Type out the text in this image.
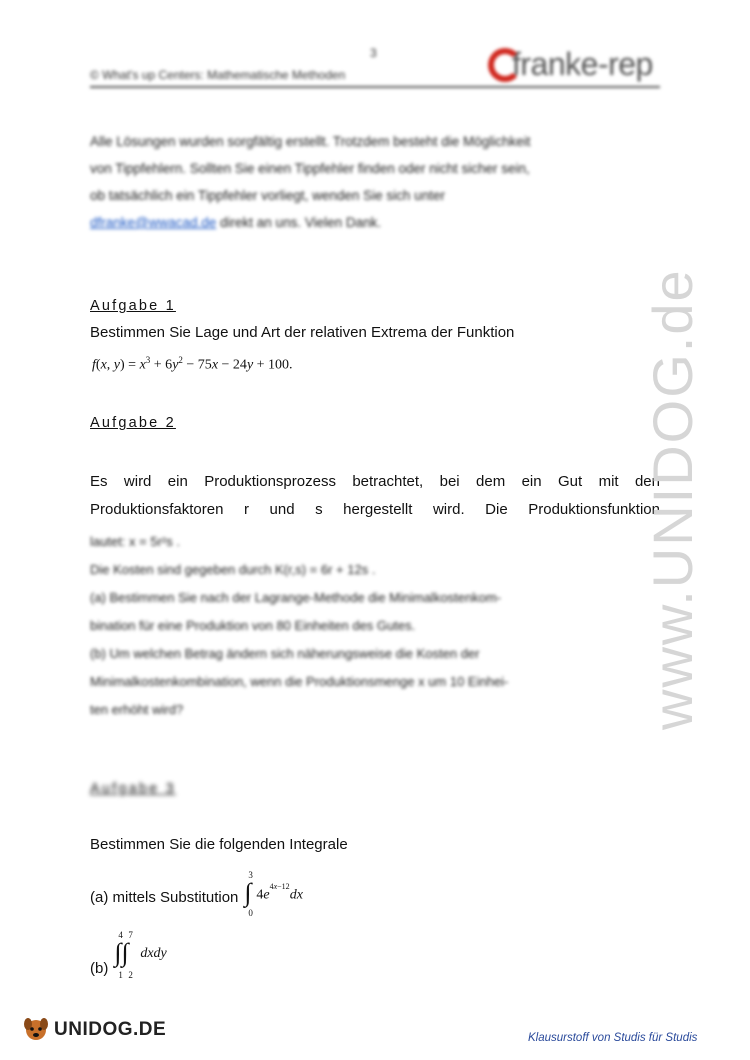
3
© What's up Centers: Mathematische Methoden	franke-rep
Alle Lösungen wurden sorgfältig erstellt. Trotzdem besteht die Möglichkeit
von Tippfehlern. Sollten Sie einen Tippfehler finden oder nicht sicher sein,
ob tatsächlich ein Tippfehler vorliegt, wenden Sie sich unter
dfranke@wwacad.de direkt an uns. Vielen Dank.
Aufgabe 1
Bestimmen Sie Lage und Art der relativen Extrema der Funktion
f(x, $y) = x^3 + 6y^2 - 75x - 24y + 100$.
Aufgabe 2
Es wird ein Produktionsprozess betrachtet, bei dem ein Gut mit den Produktionsfaktoren r und s hergestellt wird. Die Produktionsfunktion
lautet: x = 5r²s .
Die Kosten sind gegeben durch K(r,s) = 6r + 12s .
(a) Bestimmen Sie nach der Lagrange-Methode die Minimalkostenkom-
bination für eine Produktion von 80 Einheiten des Gutes.
(b) Um welchen Betrag ändern sich näherungsweise die Kosten der
Minimalkostenkombination, wenn die Produktionsmenge x um 10 Einhei-
ten erhöht wird?
Aufgabe 3
Bestimmen Sie die folgenden Integrale
(a) mittels Substitution
3
∫
0
$4e^{4x-12}dx$
(b)
4 7
∫∫
1 2
dxdy
www.UNIDOG.de
UNIDOG.DE	Klausurstoff von Studis für Studis
